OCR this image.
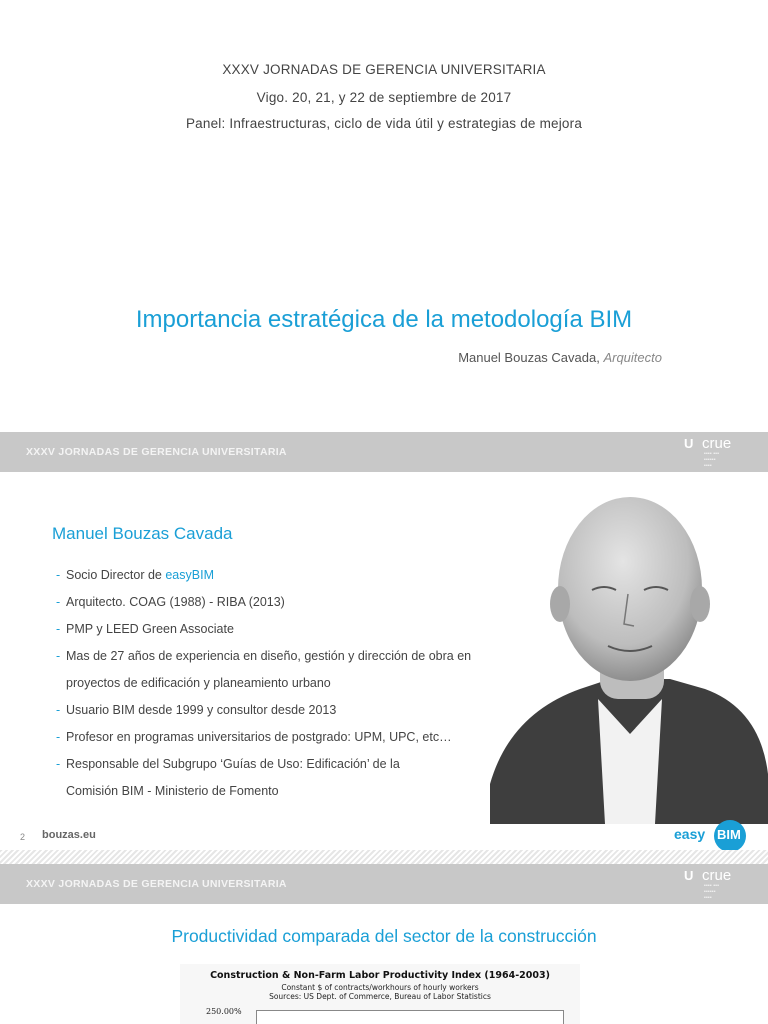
XXXV JORNADAS DE GERENCIA UNIVERSITARIA
Vigo. 20, 21, y 22 de septiembre de 2017
Panel: Infraestructuras, ciclo de vida útil y estrategias de mejora
Importancia estratégica de la metodología BIM
Manuel Bouzas Cavada, Arquitecto
XXXV JORNADAS DE GERENCIA UNIVERSITARIA
U crue
▪▪▪▪ ▪▪▪
▪▪▪▪▪▪
▪▪▪▪
Manuel Bouzas Cavada
- Socio Director de easyBIM
- Arquitecto. COAG (1988) - RIBA (2013)
- PMP y LEED Green Associate
- Mas de 27 años de experiencia en diseño, gestión y dirección de obra en
proyectos de edificación y planeamiento urbano
- Usuario BIM desde 1999 y consultor desde 2013
- Profesor en programas universitarios de postgrado: UPM, UPC, etc…
- Responsable del Subgrupo ‘Guías de Uso: Edificación’ de la
Comisión BIM - Ministerio de Fomento
2 bouzas.eu	easy BIM
XXXV JORNADAS DE GERENCIA UNIVERSITARIA
U crue
▪▪▪▪ ▪▪▪
▪▪▪▪▪▪
▪▪▪▪
Productividad comparada del sector de la construcción
Construction & Non-Farm Labor Productivity Index (1964-2003)
Constant $ of contracts/workhours of hourly workers
Sources: US Dept. of Commerce, Bureau of Labor Statistics
250.00%
